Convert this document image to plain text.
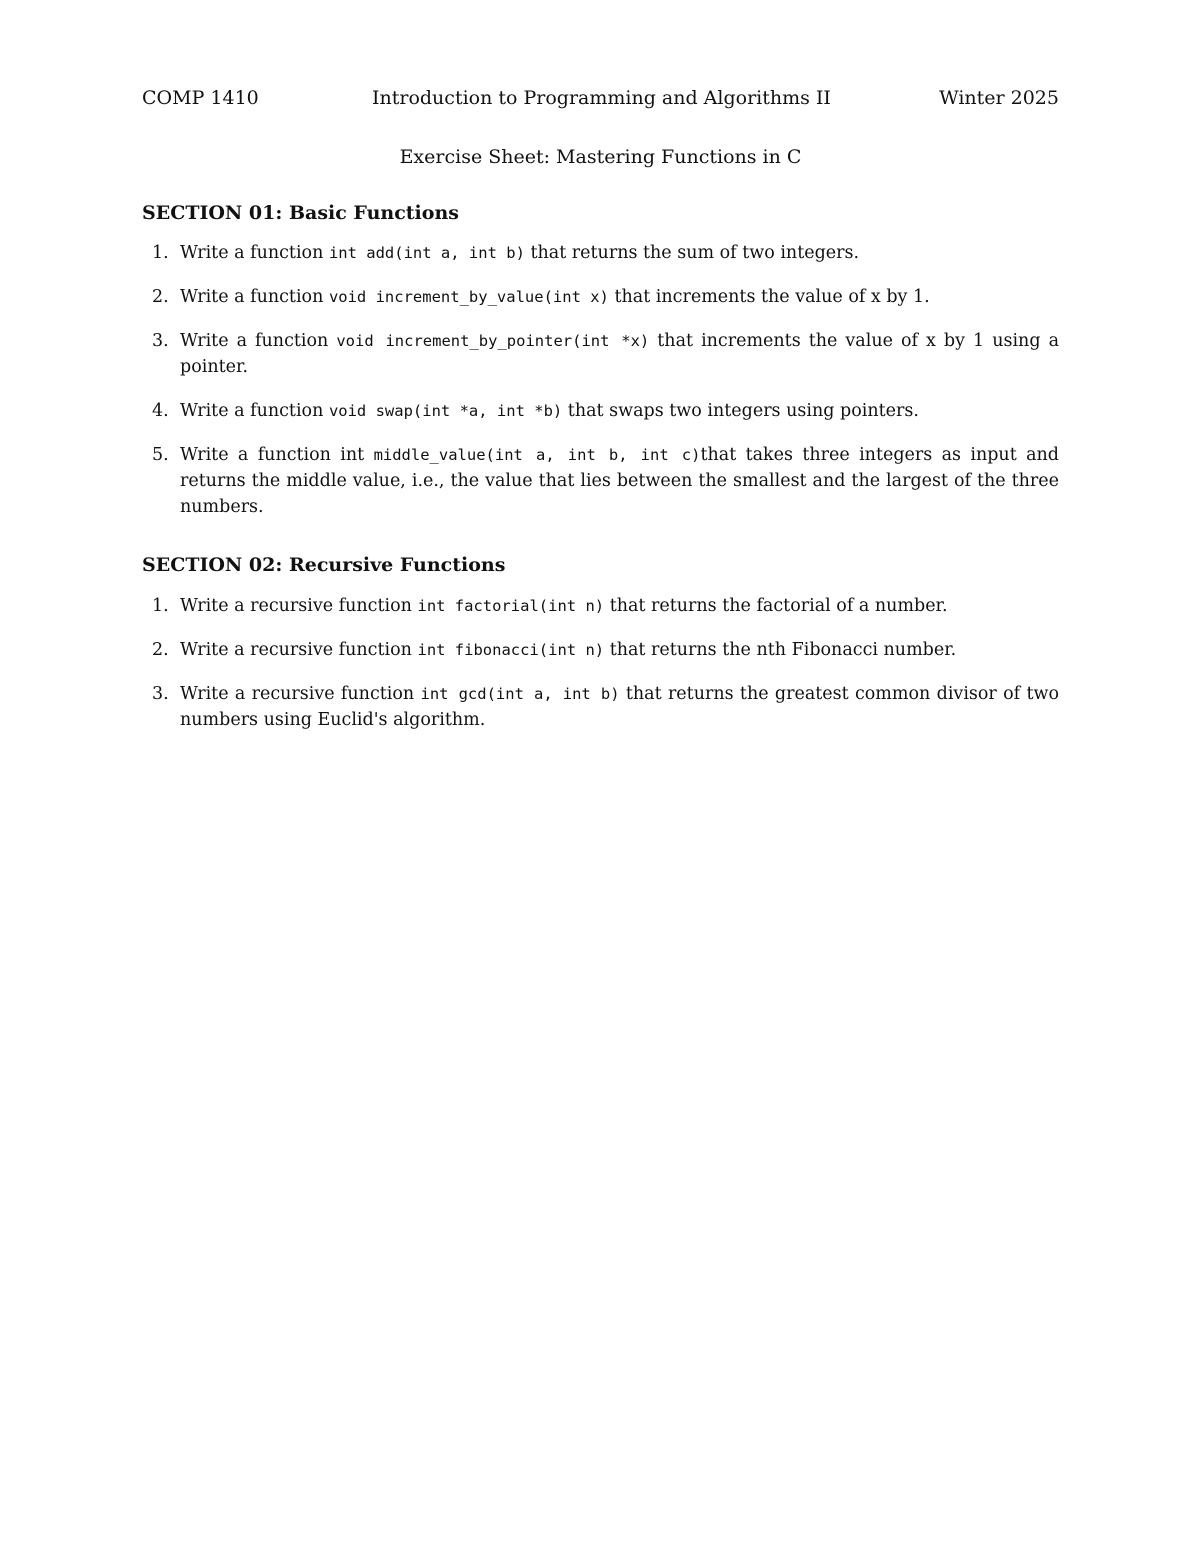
COMP 1410	Introduction to Programming and Algorithms II	Winter 2025
Exercise Sheet: Mastering Functions in C
SECTION 01: Basic Functions
1. Write a function int add(int a, int b) that returns the sum of two integers.
2. Write a function void increment_by_value(int x) that increments the value of x by 1.
3. Write a function void increment_by_pointer(int *x) that increments the value of x by 1 using a pointer.
4. Write a function void swap(int *a, int *b) that swaps two integers using pointers.
5. Write a function int middle_value(int a, int b, int c)that takes three integers as input and returns the middle value, i.e., the value that lies between the smallest and the largest of the three numbers.
SECTION 02: Recursive Functions
1. Write a recursive function int factorial(int n) that returns the factorial of a number.
2. Write a recursive function int fibonacci(int n) that returns the nth Fibonacci number.
3. Write a recursive function int gcd(int a, int b) that returns the greatest common divisor of two numbers using Euclid's algorithm.
